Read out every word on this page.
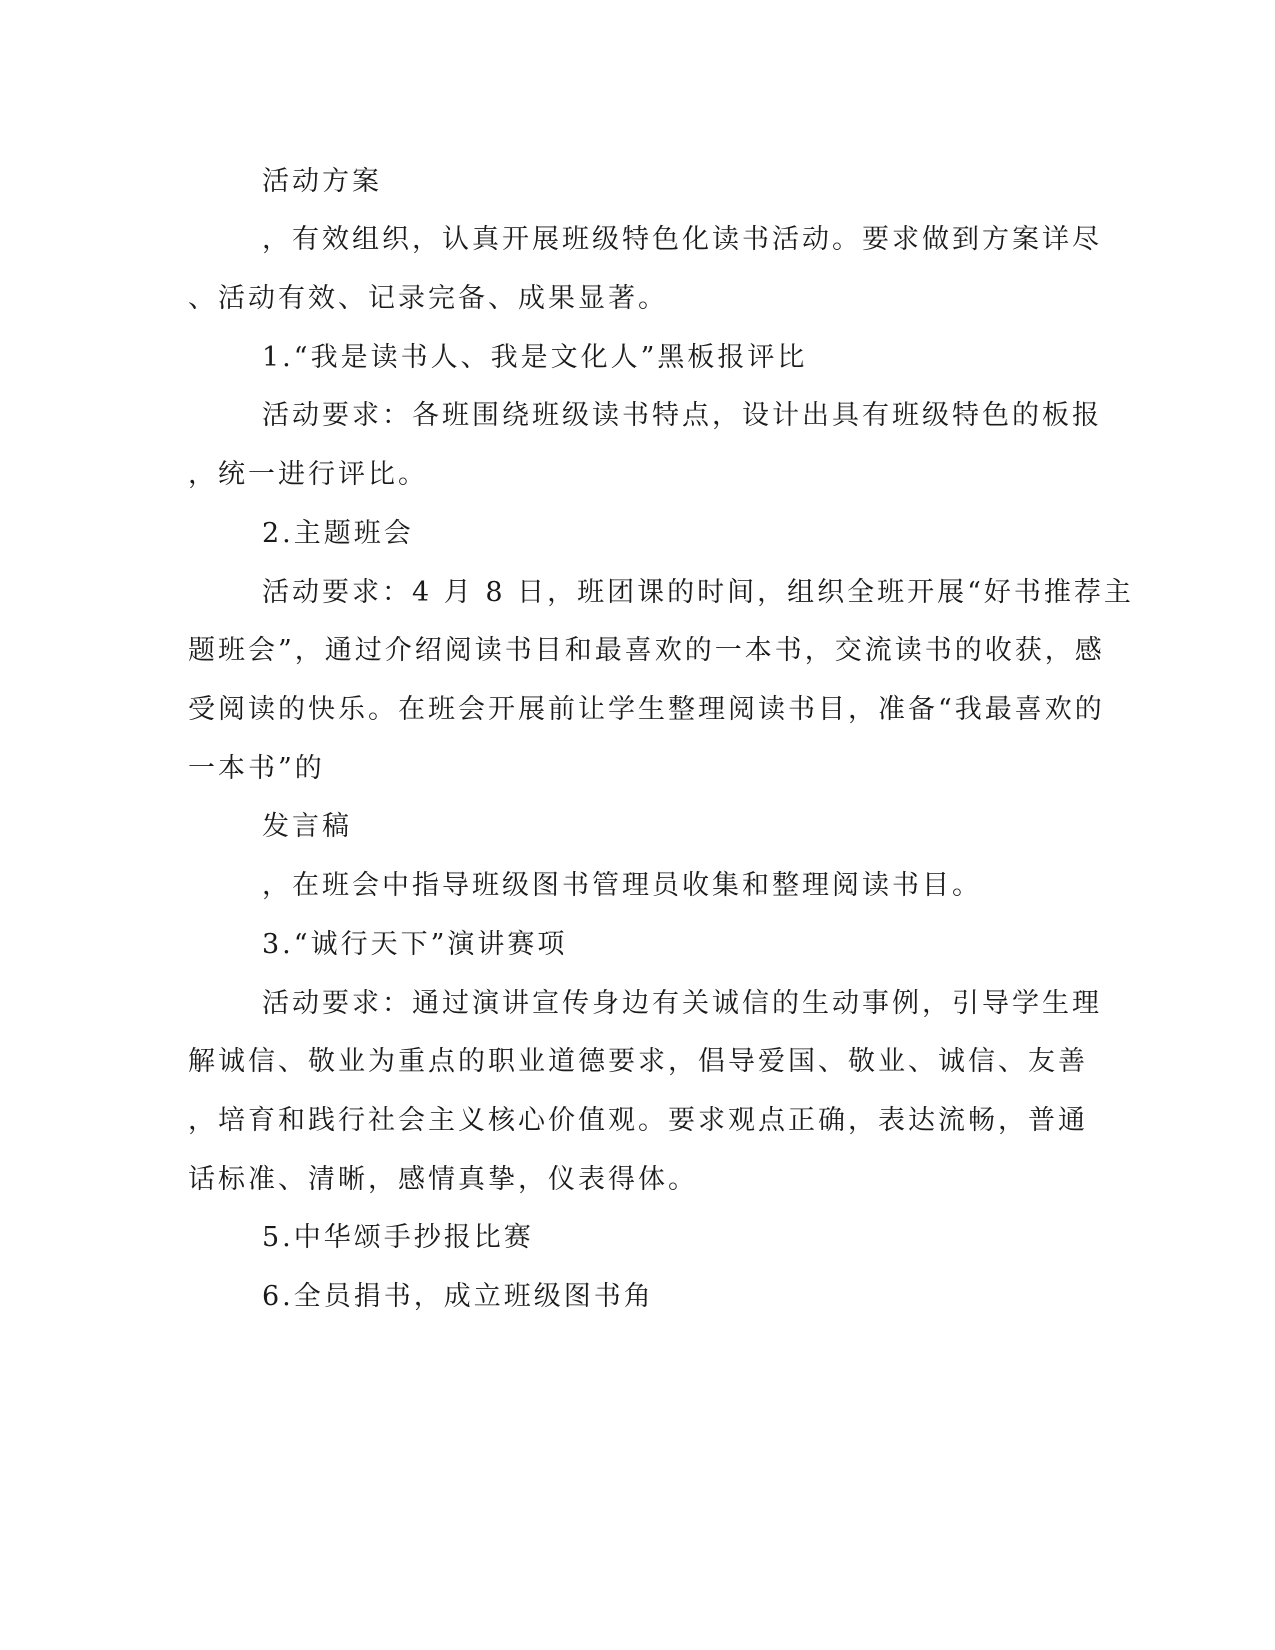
活动方案
，有效组织，认真开展班级特色化读书活动。要求做到方案详尽
、活动有效、记录完备、成果显著。
1.“我是读书人、我是文化人”黑板报评比
活动要求：各班围绕班级读书特点，设计出具有班级特色的板报
，统一进行评比。
2.主题班会
活动要求：4 月 8 日，班团课的时间，组织全班开展“好书推荐主
题班会”，通过介绍阅读书目和最喜欢的一本书，交流读书的收获，感
受阅读的快乐。在班会开展前让学生整理阅读书目，准备“我最喜欢的
一本书”的
发言稿
，在班会中指导班级图书管理员收集和整理阅读书目。
3.“诚行天下”演讲赛项
活动要求：通过演讲宣传身边有关诚信的生动事例，引导学生理
解诚信、敬业为重点的职业道德要求，倡导爱国、敬业、诚信、友善
，培育和践行社会主义核心价值观。要求观点正确，表达流畅，普通
话标准、清晰，感情真挚，仪表得体。
5.中华颂手抄报比赛
6.全员捐书，成立班级图书角
